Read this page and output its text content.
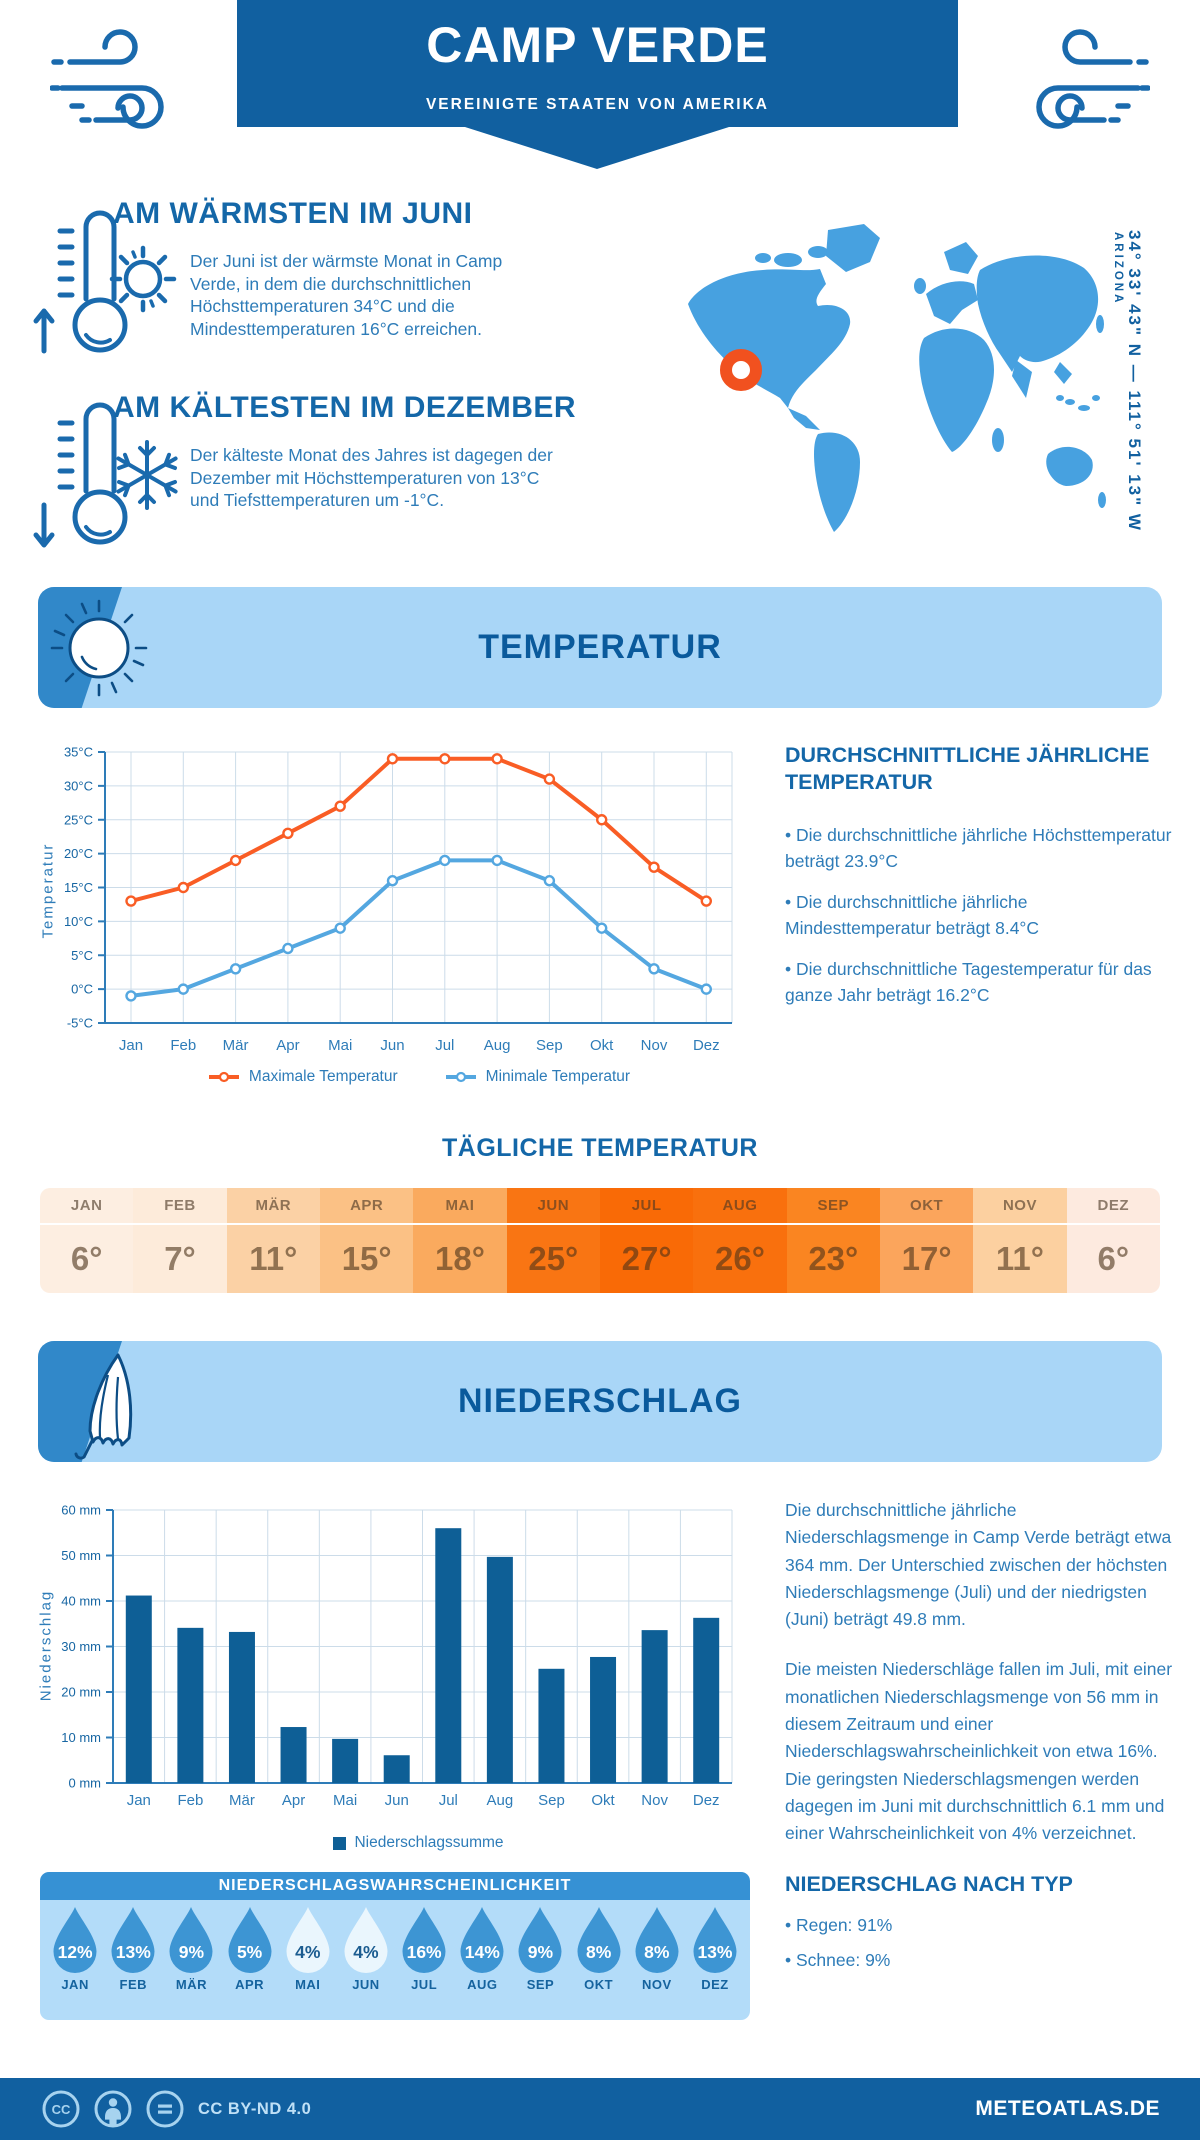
CAMP VERDE
VEREINIGTE STAATEN VON AMERIKA
AM WÄRMSTEN IM JUNI

Der Juni ist der wärmste Monat in Camp Verde, in dem die durchschnittlichen Höchsttemperaturen 34°C und die Mindesttemperaturen 16°C erreichen.

AM KÄLTESTEN IM DEZEMBER

Der kälteste Monat des Jahres ist dagegen der Dezember mit Höchsttemperaturen von 13°C und Tiefsttemperaturen um -1°C.	34° 33' 43" N — 111° 51' 13" W
ARIZONA
TEMPERATUR
Temperatur
-5°C
0°C
5°C
10°C
15°C
20°C
25°C
30°C
35°C
Jan Feb Mär Apr Mai Jun Jul Aug Sep Okt Nov Dez
Maximale Temperatur	Minimale Temperatur
DURCHSCHNITTLICHE JÄHRLICHE TEMPERATUR

• Die durchschnittliche jährliche Höchsttemperatur beträgt 23.9°C

• Die durchschnittliche jährliche Mindesttemperatur beträgt 8.4°C

• Die durchschnittliche Tagestemperatur für das ganze Jahr beträgt 16.2°C

TÄGLICHE TEMPERATUR
JAN
6°
FEB
7°
MÄR
11°
APR
15°
MAI
18°
JUN
25°
JUL
27°
AUG
26°
SEP
23°
OKT
17°
NOV
11°
DEZ
6°
NIEDERSCHLAG
Niederschlag
0 mm
10 mm
20 mm
30 mm
40 mm
50 mm
60 mm
Jan Feb Mär Apr Mai Jun Jul Aug Sep Okt Nov Dez
Niederschlagssumme

Die durchschnittliche jährliche Niederschlagsmenge in Camp Verde beträgt etwa 364 mm. Der Unterschied zwischen der höchsten Niederschlagsmenge (Juli) und der niedrigsten (Juni) beträgt 49.8 mm.

Die meisten Niederschläge fallen im Juli, mit einer monatlichen Niederschlagsmenge von 56 mm in diesem Zeitraum und einer Niederschlagswahrscheinlichkeit von etwa 16%. Die geringsten Niederschlagsmengen werden dagegen im Juni mit durchschnittlich 6.1 mm und einer Wahrscheinlichkeit von 4% verzeichnet.

NIEDERSCHLAG NACH TYP

• Regen: 91%

• Schnee: 9%

NIEDERSCHLAGSWAHRSCHEINLICHKEIT
12%
JAN
13%
FEB
9%
MÄR
5%
APR
4%
MAI
4%
JUN
16%
JUL
14%
AUG
9%
SEP
8%
OKT
8%
NOV
13%
DEZ
CC	CC BY-ND 4.0	METEOATLAS.DE
